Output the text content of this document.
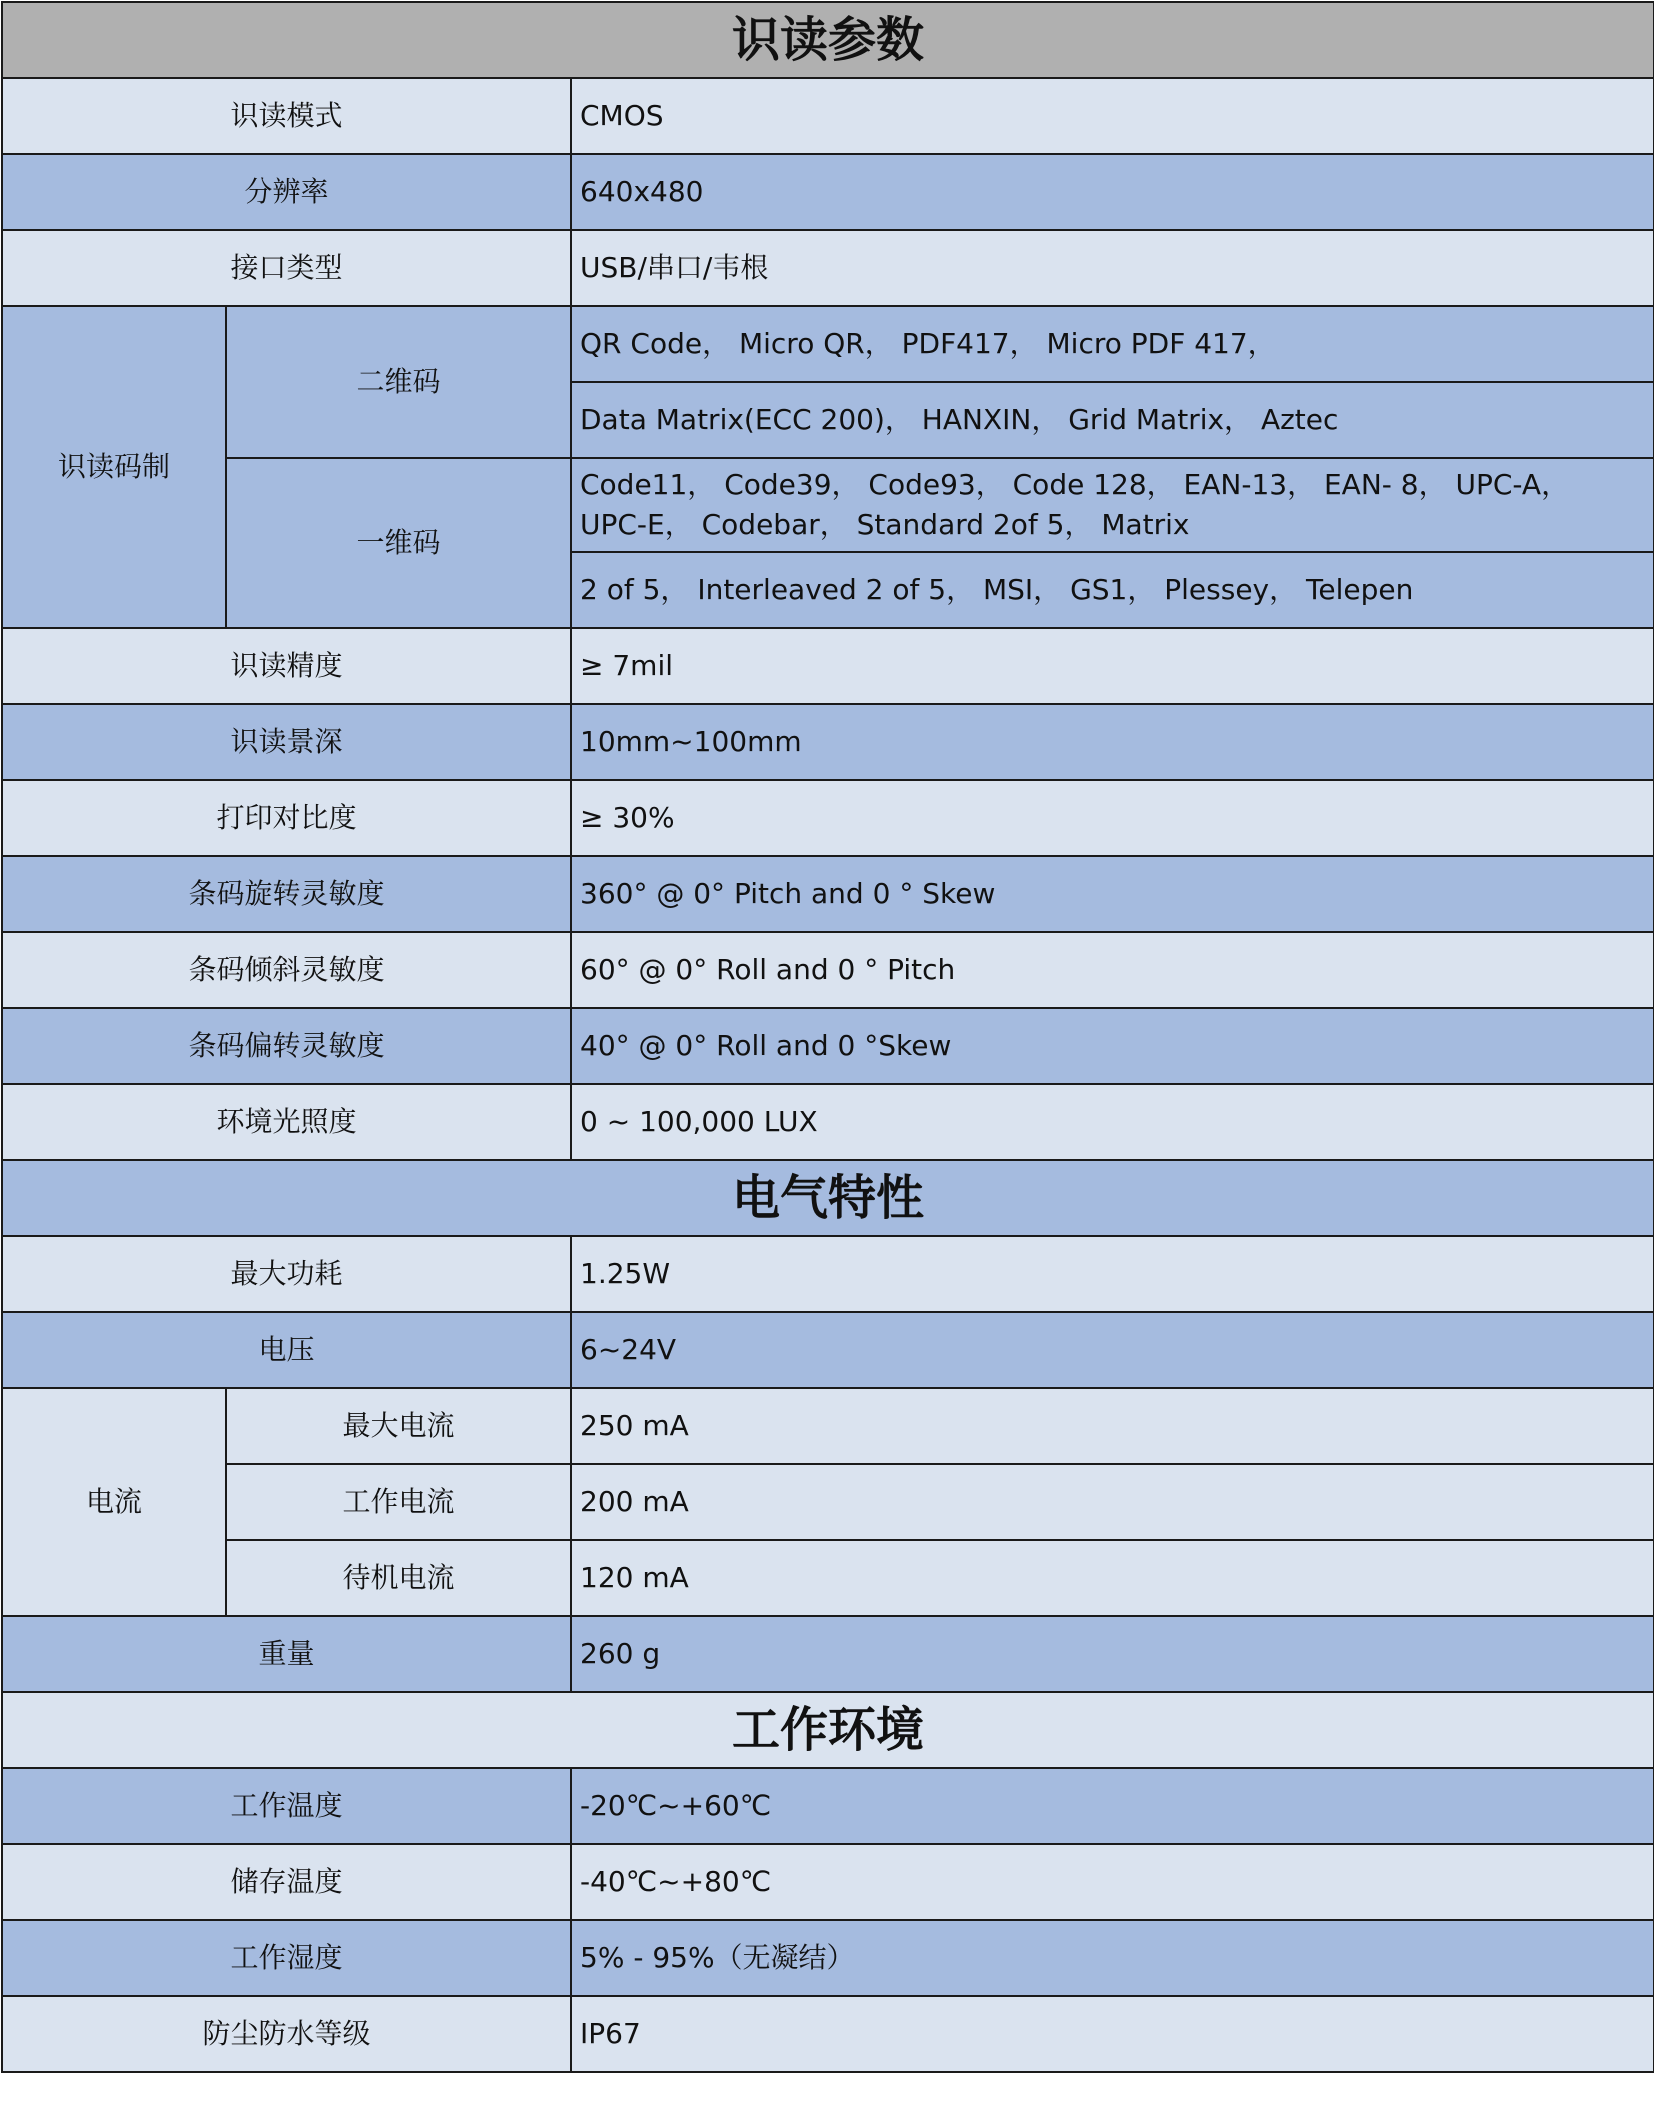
识读参数		
识读模式		CMOS
分辨率		640x480
接口类型		USB/串口/韦根
识读码制	二维码	QR Code， Micro QR， PDF417， Micro PDF 417，
		Data Matrix(ECC 200)， HANXIN， Grid Matrix， Aztec
	一维码	Code11， Code39， Code93， Code 128， EAN-13， EAN- 8， UPC-A，
UPC-E， Codebar， Standard 2of 5， Matrix

		2 of 5， Interleaved 2 of 5， MSI， GS1， Plessey， Telepen
识读精度		≥ 7mil
识读景深		10mm~100mm
打印对比度		≥ 30%
条码旋转灵敏度		360° @ 0° Pitch and 0 ° Skew
条码倾斜灵敏度		60° @ 0° Roll and 0 ° Pitch
条码偏转灵敏度		40° @ 0° Roll and 0 °Skew
环境光照度		0 ~ 100,000 LUX
电气特性		
最大功耗		1.25W
电压		6~24V
电流	最大电流	250 mA
	工作电流	200 mA
	待机电流	120 mA
重量		260 g
工作环境		
工作温度		-20℃~+60℃
储存温度		-40℃~+80℃
工作湿度		5% - 95%（无凝结）
防尘防水等级		IP67
